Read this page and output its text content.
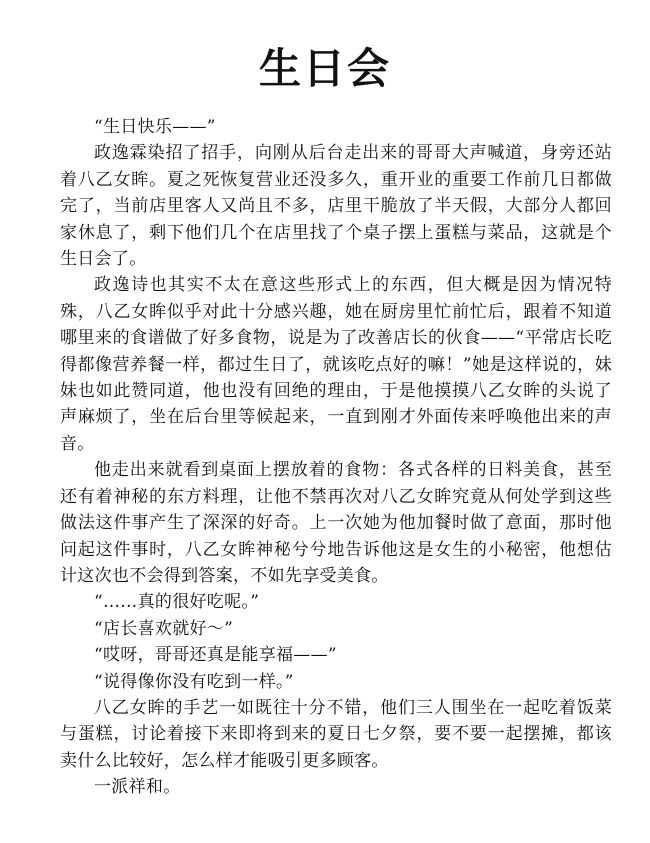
生日会

“生日快乐——”

政逸霖染招了招手，向刚从后台走出来的哥哥大声喊道，身旁还站着八乙女眸。夏之死恢复营业还没多久，重开业的重要工作前几日都做完了，当前店里客人又尚且不多，店里干脆放了半天假，大部分人都回家休息了，剩下他们几个在店里找了个桌子摆上蛋糕与菜品，这就是个生日会了。

政逸诗也其实不太在意这些形式上的东西，但大概是因为情况特殊，八乙女眸似乎对此十分感兴趣，她在厨房里忙前忙后，跟着不知道哪里来的食谱做了好多食物，说是为了改善店长的伙食——“平常店长吃得都像营养餐一样，都过生日了，就该吃点好的嘛！”她是这样说的，妹妹也如此赞同道，他也没有回绝的理由，于是他摸摸八乙女眸的头说了声麻烦了，坐在后台里等候起来，一直到刚才外面传来呼唤他出来的声音。

他走出来就看到桌面上摆放着的食物：各式各样的日料美食，甚至还有着神秘的东方料理，让他不禁再次对八乙女眸究竟从何处学到这些做法这件事产生了深深的好奇。上一次她为他加餐时做了意面，那时他问起这件事时，八乙女眸神秘兮兮地告诉他这是女生的小秘密，他想估计这次也不会得到答案，不如先享受美食。

“……真的很好吃呢。”

“店长喜欢就好～”

“哎呀，哥哥还真是能享福——”

“说得像你没有吃到一样。”

八乙女眸的手艺一如既往十分不错，他们三人围坐在一起吃着饭菜与蛋糕，讨论着接下来即将到来的夏日七夕祭，要不要一起摆摊，都该卖什么比较好，怎么样才能吸引更多顾客。

一派祥和。
